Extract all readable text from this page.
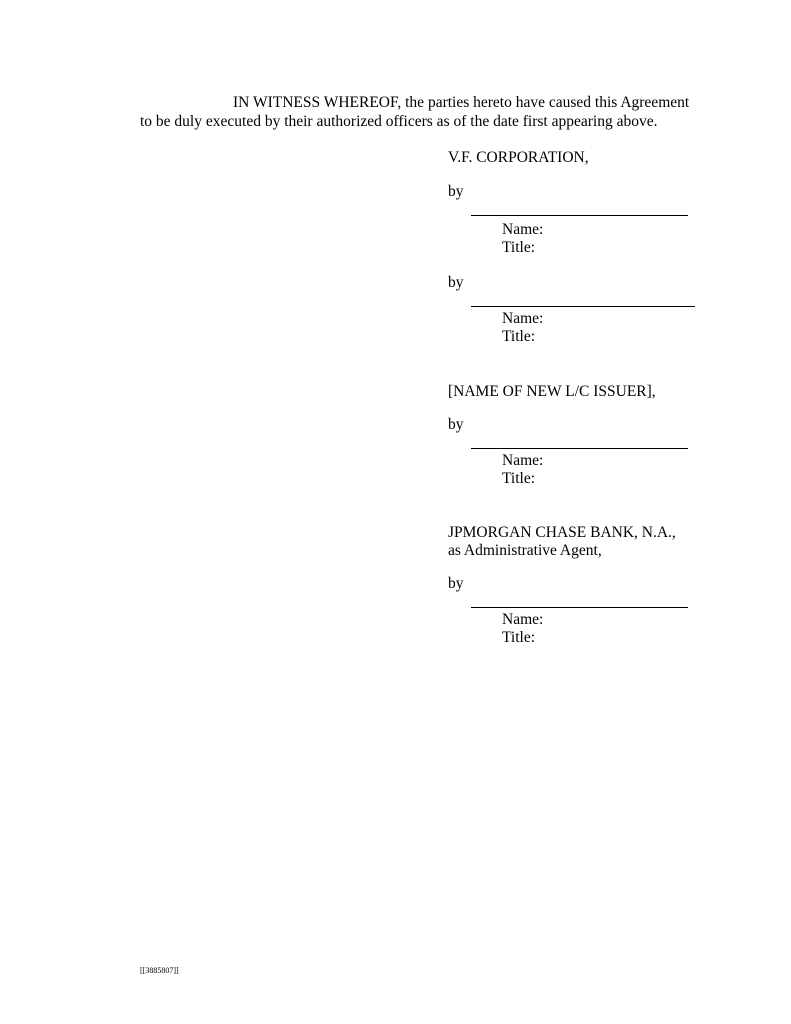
IN WITNESS WHEREOF, the parties hereto have caused this Agreement
to be duly executed by their authorized officers as of the date first appearing above.
V.F. CORPORATION,
by
Name:
Title:
by
Name:
Title:
[NAME OF NEW L/C ISSUER],
by
Name:
Title:
JPMORGAN CHASE BANK, N.A.,
as Administrative Agent,
by
Name:
Title:
[[3885807]]
